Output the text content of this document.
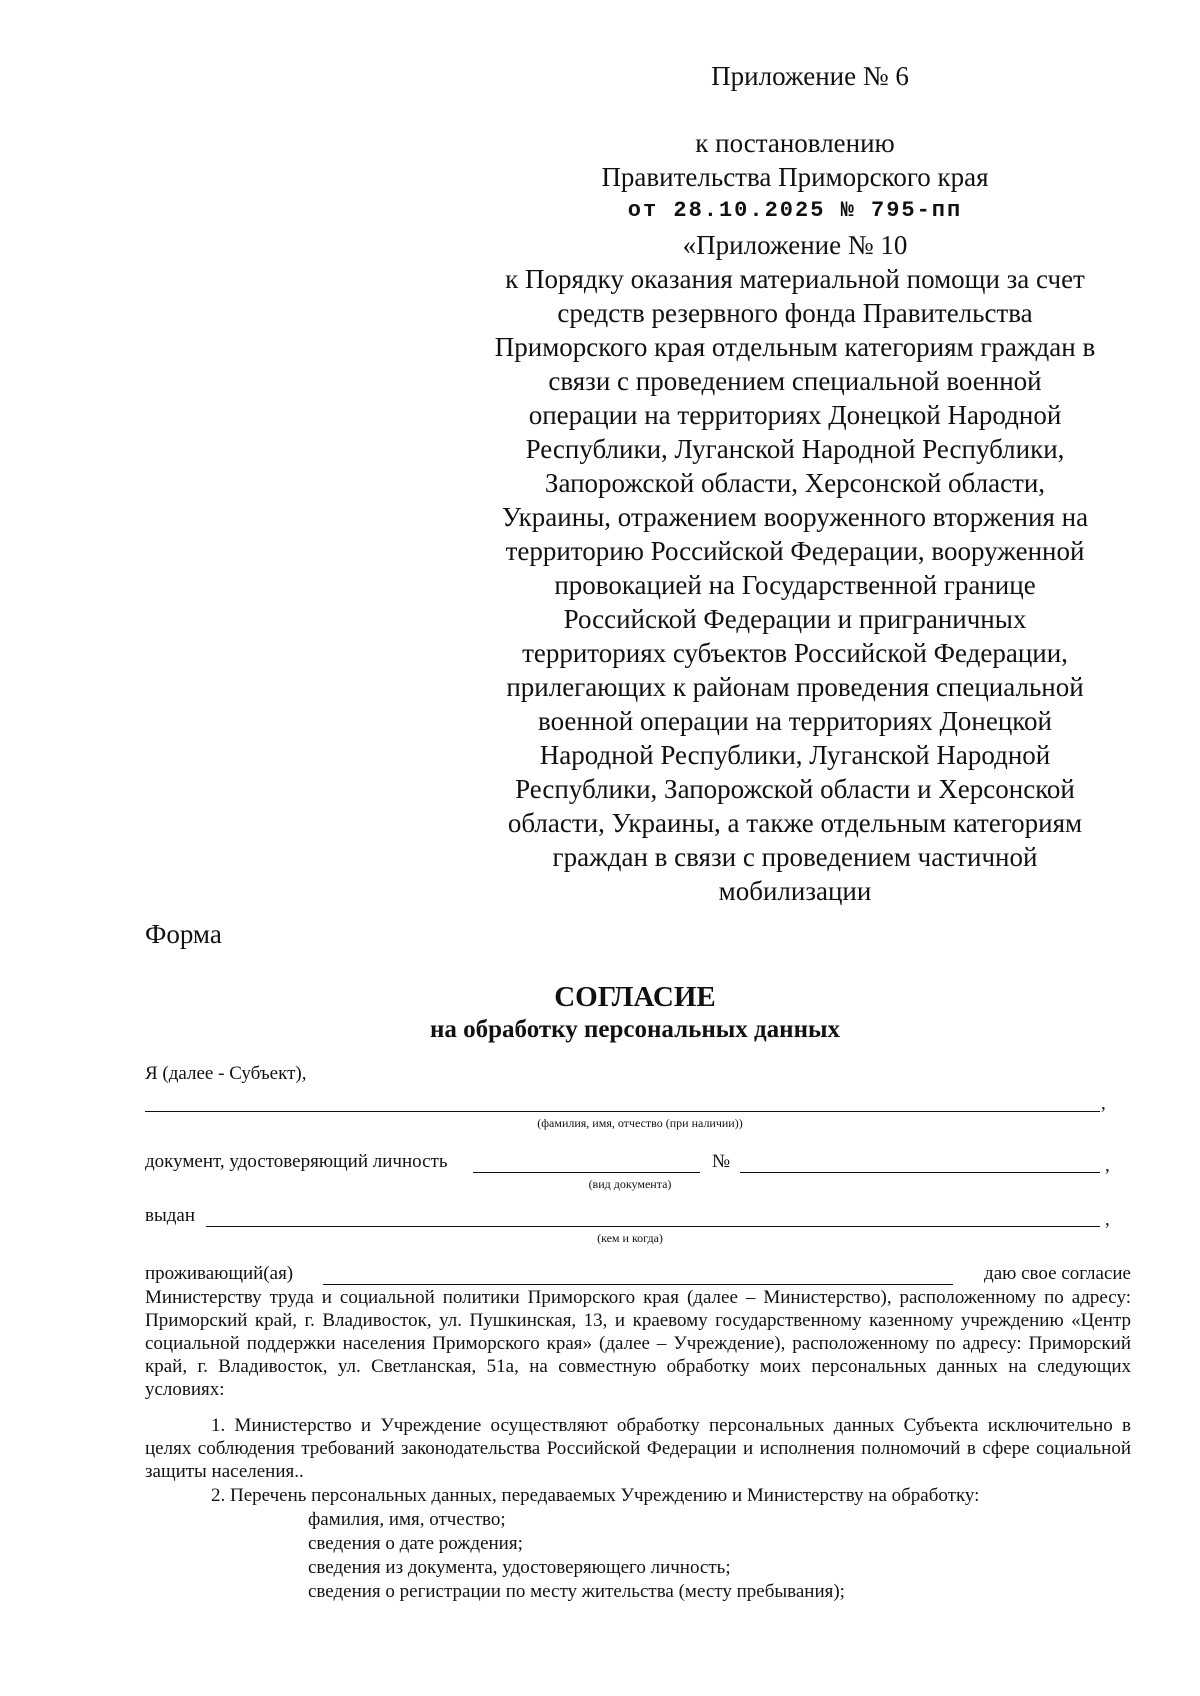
Приложение № 6
к постановлению
Правительства Приморского края
от 28.10.2025 № 795-пп
«Приложение № 10
к Порядку оказания материальной помощи за счет
средств резервного фонда Правительства
Приморского края отдельным категориям граждан в
связи с проведением специальной военной
операции на территориях Донецкой Народной
Республики, Луганской Народной Республики,
Запорожской области, Херсонской области,
Украины, отражением вооруженного вторжения на
территорию Российской Федерации, вооруженной
провокацией на Государственной границе
Российской Федерации и приграничных
территориях субъектов Российской Федерации,
прилегающих к районам проведения специальной
военной операции на территориях Донецкой
Народной Республики, Луганской Народной
Республики, Запорожской области и Херсонской
области, Украины, а также отдельным категориям
граждан в связи с проведением частичной
мобилизации
Форма
СОГЛАСИЕ
на обработку персональных данных
Я (далее - Субъект),
,
(фамилия, имя, отчество (при наличии))
документ, удостоверяющий личность
(вид документа)
№	,
выдан	,
(кем и когда)
проживающий(ая)	даю свое согласие
Министерству труда и социальной политики Приморского края (далее – Министерство), расположенному по адресу: Приморский край, г. Владивосток, ул. Пушкинская, 13, и краевому государственному казенному учреждению «Центр социальной поддержки населения Приморского края» (далее – Учреждение), расположенному по адресу: Приморский край, г. Владивосток, ул. Светланская, 51а, на совместную обработку моих персональных данных на следующих условиях:
1. Министерство и Учреждение осуществляют обработку персональных данных Субъекта исключительно в целях соблюдения требований законодательства Российской Федерации и исполнения полномочий в сфере социальной защиты населения..
2. Перечень персональных данных, передаваемых Учреждению и Министерству на обработку:
фамилия, имя, отчество;
сведения о дате рождения;
сведения из документа, удостоверяющего личность;
сведения о регистрации по месту жительства (месту пребывания);
